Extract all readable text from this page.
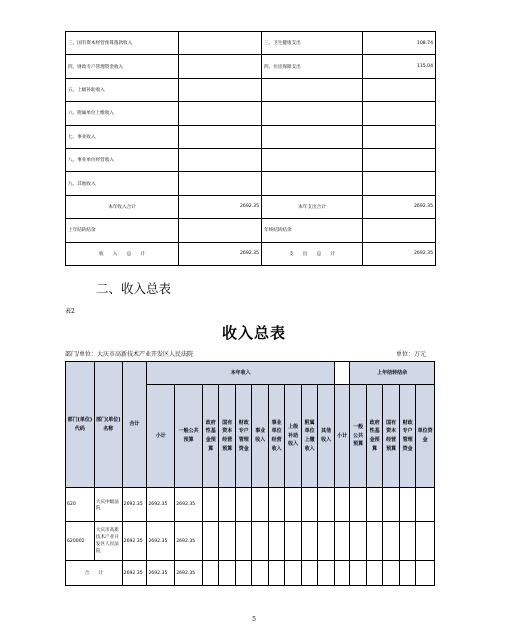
三、国有资本经营预算拨款收入		三、卫生健康支出	108.74
四、财政专户管理资金收入		四、住房保障支出	115.04
五、上级补助收入			
六、附属单位上缴收入			
七、事业收入			
八、事业单位经营收入			
九、其他收入			
本年收入合计	2692.35	本年支出合计	2692.35
上年结转结余		年终结转结余	
收　　入　　总　　计	2692.35	支　　出　　总　　计	2692.35
二、收入总表
表2
收入总表
部门/单位：大庆市高新技术产业开发区人民法院	单位：万元
部门(单位)代码	部门(单位)名称	合计	本年收入											上年结转结余				
			小计	一般公共预算	政府性基金预算	国有资本经营预算	财政专户管理资金	事业收入	事业单位经营收入	上级补助收入	附属单位上缴收入	其他收入	小计	一般公共预算	政府性基金预算	国有资本经营预算	财政专户管理资金	单位资金
620	大庆中级法院	2692.35	2692.35	2692.35														
620002	大庆市高新技术产业开发区人民法院	2692.35	2692.35	2692.35														
合　　计		2692.35	2692.35	2692.35														
5
